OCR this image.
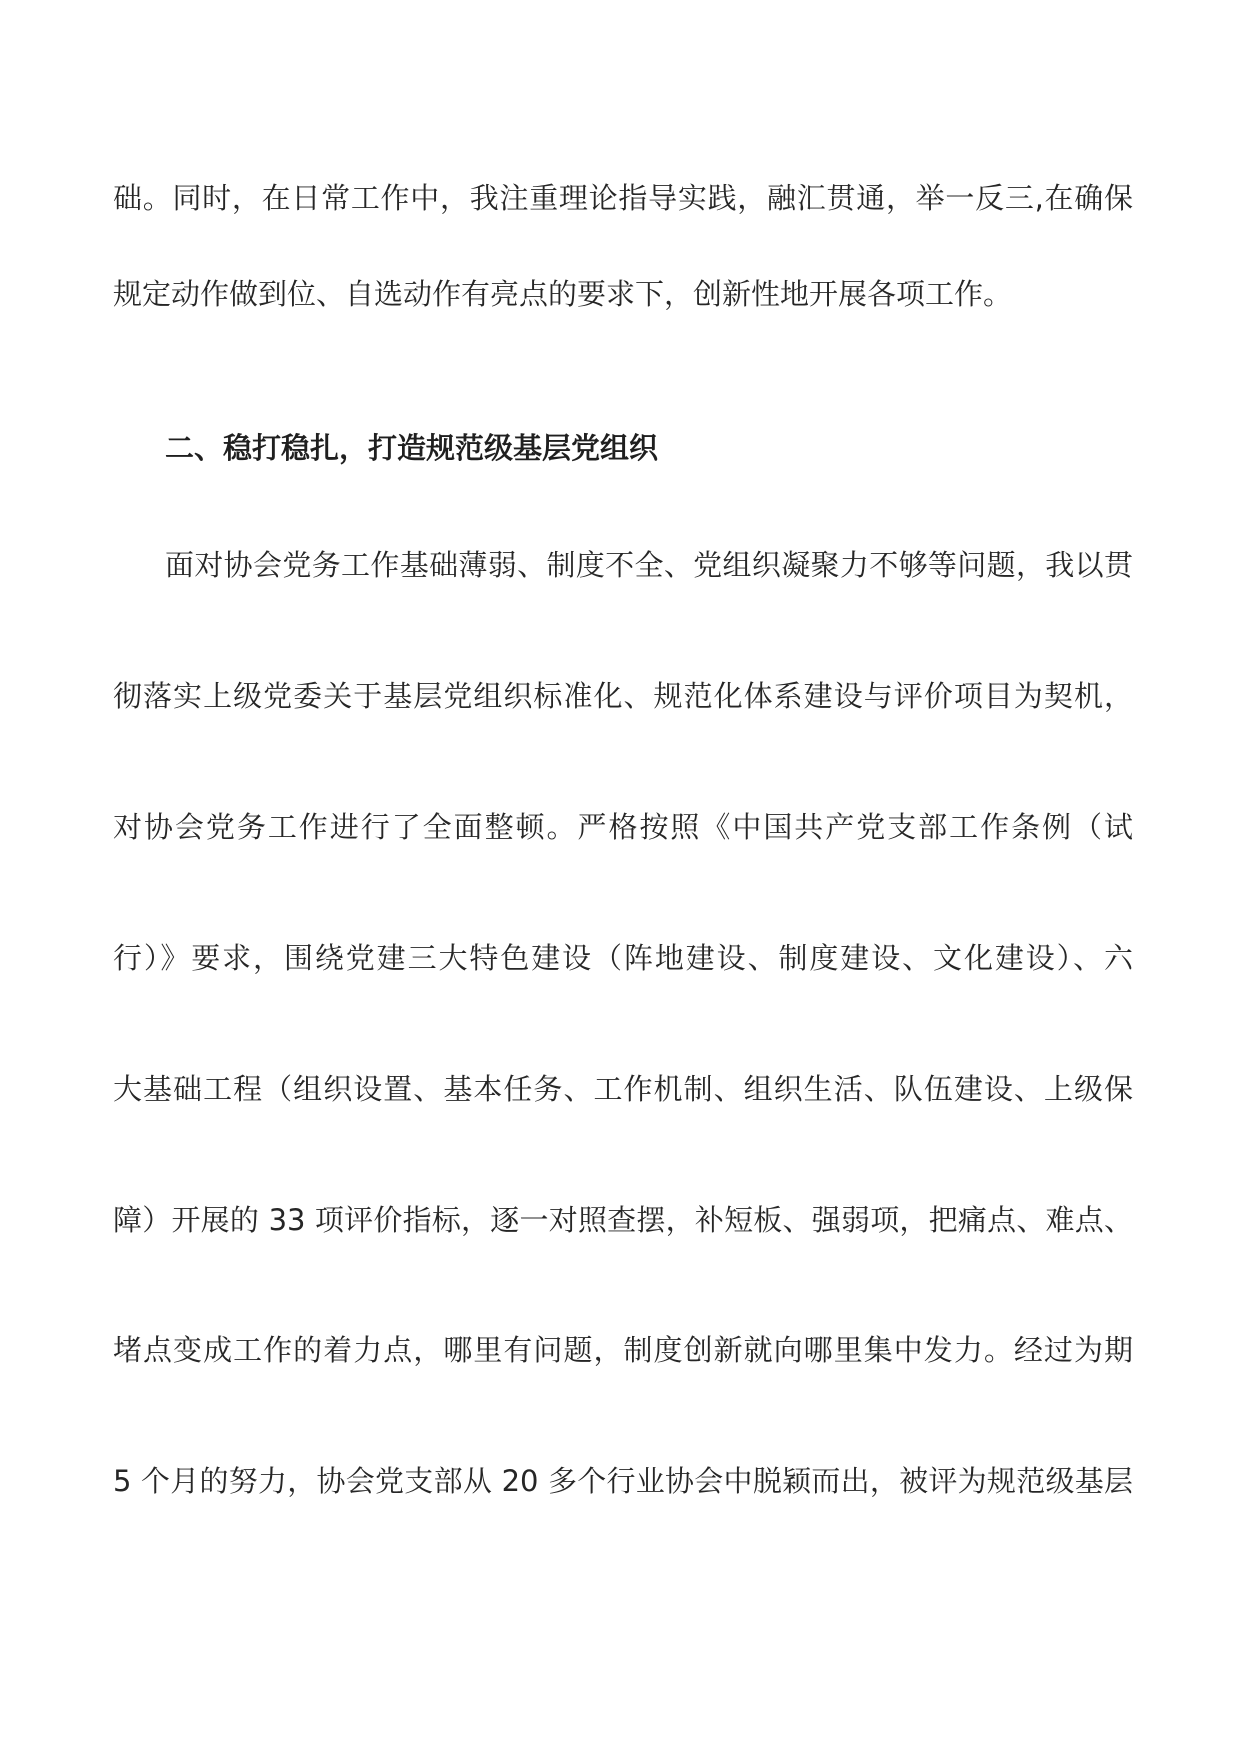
础。同时，在日常工作中，我注重理论指导实践，融汇贯通，举一反三,在确保
规定动作做到位、自选动作有亮点的要求下，创新性地开展各项工作。
二、稳打稳扎，打造规范级基层党组织
面对协会党务工作基础薄弱、制度不全、党组织凝聚力不够等问题，我以贯
彻落实上级党委关于基层党组织标准化、规范化体系建设与评价项目为契机，
对协会党务工作进行了全面整顿。严格按照《中国共产党支部工作条例（试
行）》要求，围绕党建三大特色建设（阵地建设、制度建设、文化建设）、六
大基础工程（组织设置、基本任务、工作机制、组织生活、队伍建设、上级保
障）开展的 33 项评价指标，逐一对照查摆，补短板、强弱项，把痛点、难点、
堵点变成工作的着力点，哪里有问题，制度创新就向哪里集中发力。经过为期
5 个月的努力，协会党支部从 20 多个行业协会中脱颖而出，被评为规范级基层
